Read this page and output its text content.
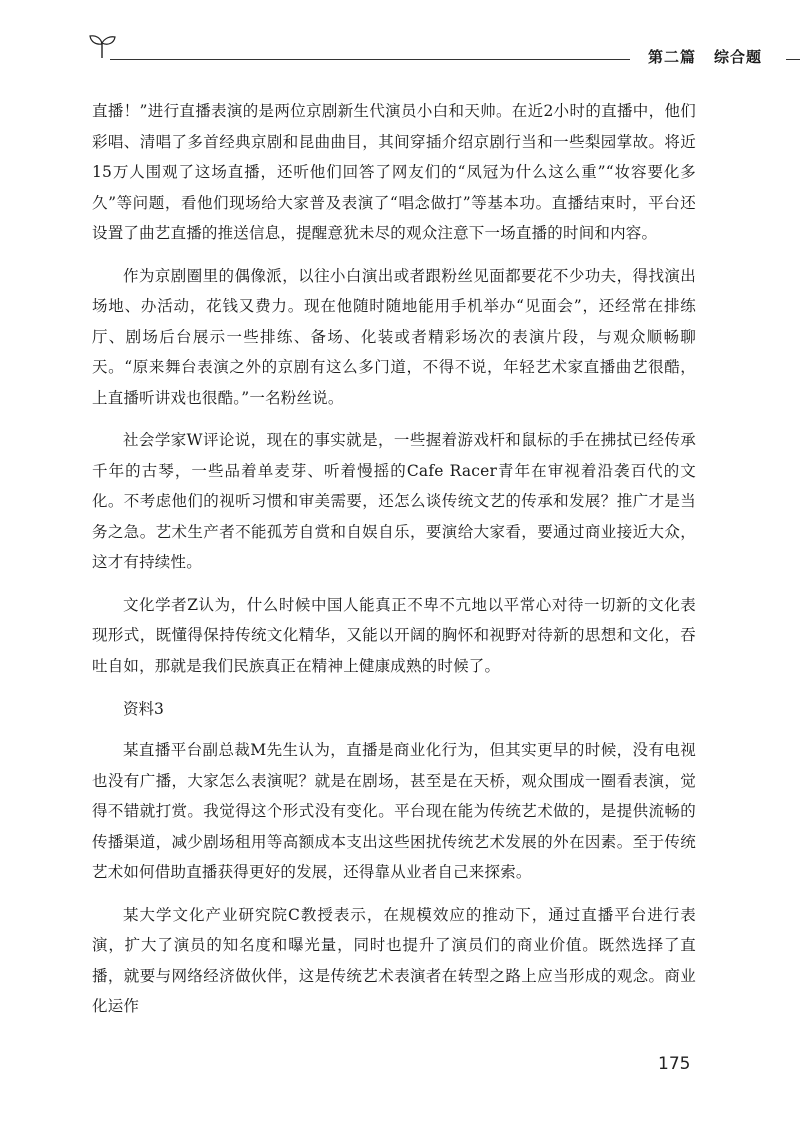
第二篇 综合题

直播！”进行直播表演的是两位京剧新生代演员小白和天帅。在近2小时的直播中，他们彩唱、清唱了多首经典京剧和昆曲曲目，其间穿插介绍京剧行当和一些梨园掌故。将近15万人围观了这场直播，还听他们回答了网友们的“凤冠为什么这么重”“妆容要化多久”等问题，看他们现场给大家普及表演了“唱念做打”等基本功。直播结束时，平台还设置了曲艺直播的推送信息，提醒意犹未尽的观众注意下一场直播的时间和内容。

作为京剧圈里的偶像派，以往小白演出或者跟粉丝见面都要花不少功夫，得找演出场地、办活动，花钱又费力。现在他随时随地能用手机举办“见面会”，还经常在排练厅、剧场后台展示一些排练、备场、化装或者精彩场次的表演片段，与观众顺畅聊天。“原来舞台表演之外的京剧有这么多门道，不得不说，年轻艺术家直播曲艺很酷，上直播听讲戏也很酷。”一名粉丝说。

社会学家W评论说，现在的事实就是，一些握着游戏杆和鼠标的手在拂拭已经传承千年的古琴，一些品着单麦芽、听着慢摇的Cafe Racer青年在审视着沿袭百代的文化。不考虑他们的视听习惯和审美需要，还怎么谈传统文艺的传承和发展？推广才是当务之急。艺术生产者不能孤芳自赏和自娱自乐，要演给大家看，要通过商业接近大众，这才有持续性。

文化学者Z认为，什么时候中国人能真正不卑不亢地以平常心对待一切新的文化表现形式，既懂得保持传统文化精华，又能以开阔的胸怀和视野对待新的思想和文化，吞吐自如，那就是我们民族真正在精神上健康成熟的时候了。

资料3

某直播平台副总裁M先生认为，直播是商业化行为，但其实更早的时候，没有电视也没有广播，大家怎么表演呢？就是在剧场，甚至是在天桥，观众围成一圈看表演，觉得不错就打赏。我觉得这个形式没有变化。平台现在能为传统艺术做的，是提供流畅的传播渠道，减少剧场租用等高额成本支出这些困扰传统艺术发展的外在因素。至于传统艺术如何借助直播获得更好的发展，还得靠从业者自己来探索。

某大学文化产业研究院C教授表示，在规模效应的推动下，通过直播平台进行表演，扩大了演员的知名度和曝光量，同时也提升了演员们的商业价值。既然选择了直播，就要与网络经济做伙伴，这是传统艺术表演者在转型之路上应当形成的观念。商业化运作

175
